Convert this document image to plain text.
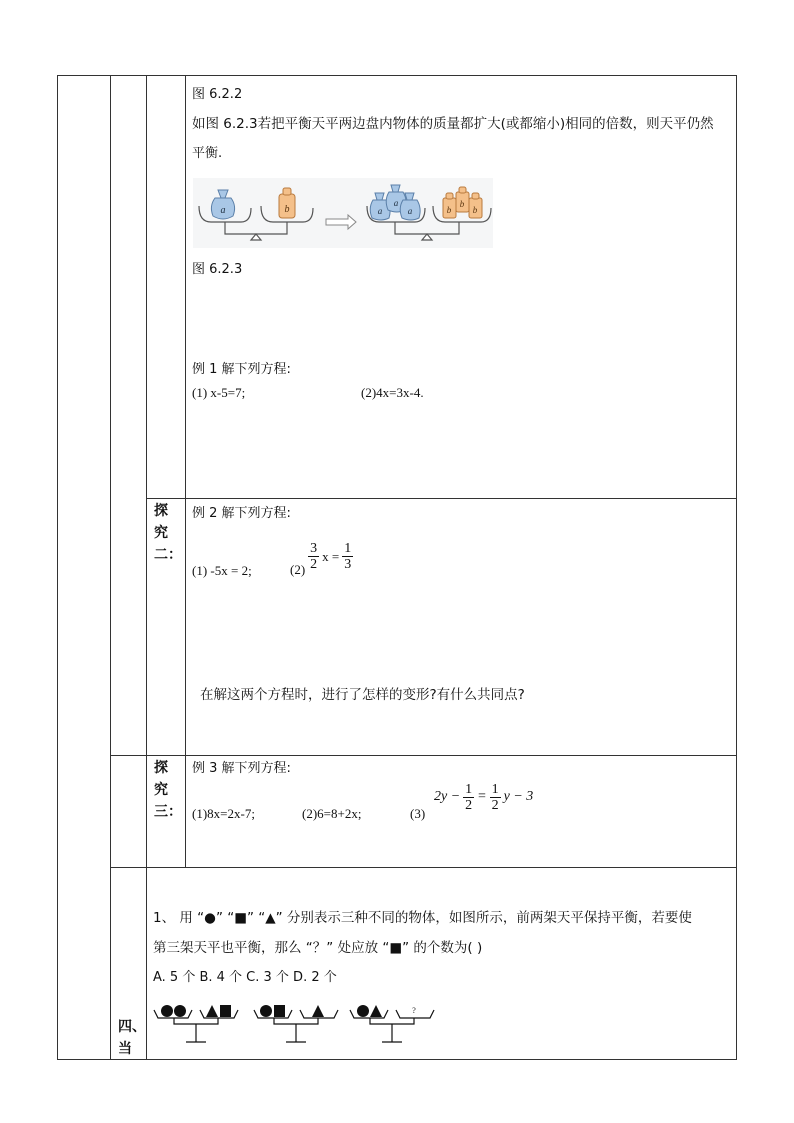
图 6.2.2
如图 6.2.3若把平衡天平两边盘内物体的质量都扩大(或都缩小)相同的倍数，则天平仍然
平衡.
a	b	a
a
a	b
b
b
图 6.2.3
例 1 解下列方程:
(1) x-5=7;	(2)4x=3x-4.
探
究
二：
例 2 解下列方程:
(1) -5x = 2;	$(2) \frac{3}{2}$ $x = \frac{1}{3}$
在解这两个方程时，进行了怎样的变形?有什么共同点?
探
究
三：
例 3 解下列方程:
(1)8x=2x-7;	(2)6=8+2x;	(3)
$2y - \frac{1}{2} = \frac{1}{2}$ y − 3
1、 用 “●” “■” “▲” 分别表示三种不同的物体，如图所示，前两架天平保持平衡，若要使
第三架天平也平衡，那么 “？” 处应放 “■” 的个数为( )
A. 5 个 B. 4 个 C. 3 个 D. 2 个
四、
当
?
